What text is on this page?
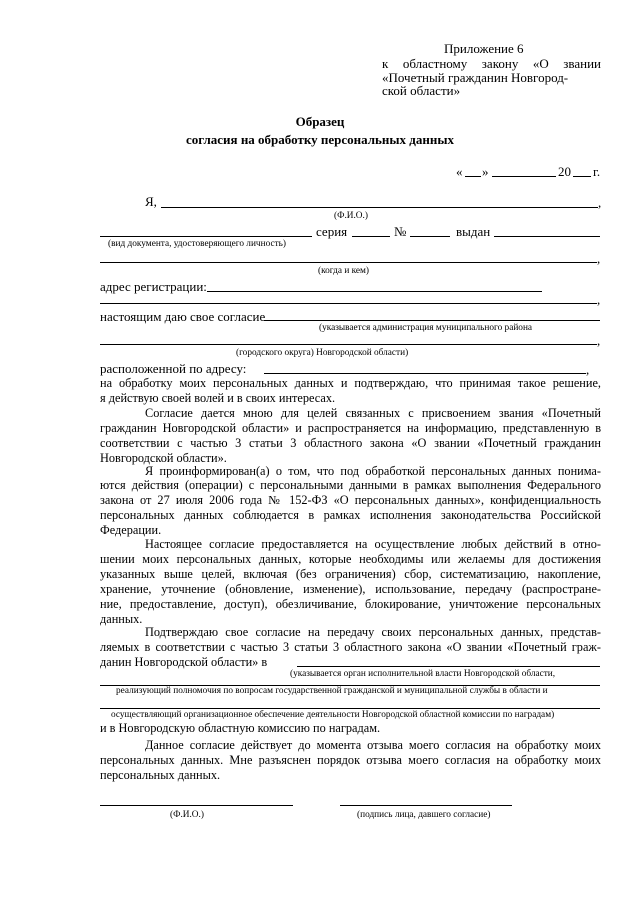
Приложение 6
к областному закону «О звании
«Почетный гражданин Новгород-
ской области»
Образец
согласия на обработку персональных данных
« »	20 г.
Я,	,
(Ф.И.О.)
серия	№	выдан
(вид документа, удостоверяющего личность)
,
(когда и кем)
адрес регистрации:
,
настоящим даю свое согласие
(указывается администрация муниципального района
,
(городского округа) Новгородской области)
расположенной по адресу:	,
на обработку моих персональных данных и подтверждаю, что принимая такое решение,
я действую своей волей и в своих интересах.
Согласие дается мною для целей связанных с присвоением звания «Почетный
гражданин Новгородской области» и распространяется на информацию, представленную в
соответствии с частью 3 статьи 3 областного закона «О звании «Почетный гражданин
Новгородской области».
Я проинформирован(а) о том, что под обработкой персональных данных понима-
ются действия (операции) с персональными данными в рамках выполнения Федерального
закона от 27 июля 2006 года № 152-ФЗ «О персональных данных», конфиденциальность
персональных данных соблюдается в рамках исполнения законодательства Российской
Федерации.
Настоящее согласие предоставляется на осуществление любых действий в отно-
шении моих персональных данных, которые необходимы или желаемы для достижения
указанных выше целей, включая (без ограничения) сбор, систематизацию, накопление,
хранение, уточнение (обновление, изменение), использование, передачу (распростране-
ние, предоставление, доступ), обезличивание, блокирование, уничтожение персональных
данных.
Подтверждаю свое согласие на передачу своих персональных данных, представ-
ляемых в соответствии с частью 3 статьи 3 областного закона «О звании «Почетный граж-
данин Новгородской области» в
(указывается орган исполнительной власти Новгородской области,
реализующий полномочия по вопросам государственной гражданской и муниципальной службы в области и
осуществляющий организационное обеспечение деятельности Новгородской областной комиссии по наградам)
и в Новгородскую областную комиссию по наградам.
Данное согласие действует до момента отзыва моего согласия на обработку моих
персональных данных. Мне разъяснен порядок отзыва моего согласия на обработку моих
персональных данных.
(Ф.И.О.)	(подпись лица, давшего согласие)
